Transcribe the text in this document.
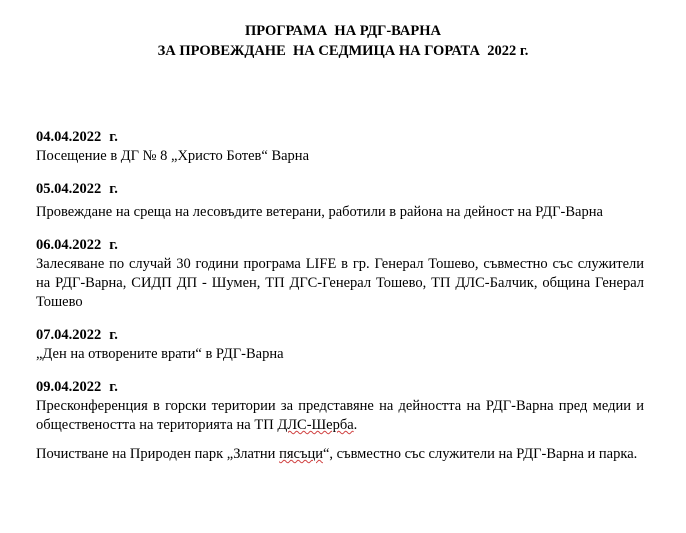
ПРОГРАМА  НА РДГ-ВАРНА
ЗА ПРОВЕЖДАНЕ  НА СЕДМИЦА НА ГОРАТА  2022 г.
04.04.2022 г.
Посещение в ДГ № 8 „Христо Ботев“ Варна
05.04.2022 г.
Провеждане на среща на лесовъдите ветерани, работили в района на дейност на РДГ-Варна
06.04.2022 г.
Залесяване по случай 30 години програма LIFE в гр. Генерал Тошево, съвместно със служители на РДГ-Варна, СИДП ДП - Шумен, ТП ДГС-Генерал Тошево, ТП ДЛС-Балчик, община Генерал Тошево
07.04.2022 г.
„Ден на отворените врати“ в РДГ-Варна
09.04.2022 г.
Пресконференция в горски територии за представяне на дейността на РДГ-Варна пред медии и обществеността на територията на ТП ДЛС-Шерба.
Почистване на Природен парк „Златни пясъци“, съвместно със служители на РДГ-Варна и парка.
